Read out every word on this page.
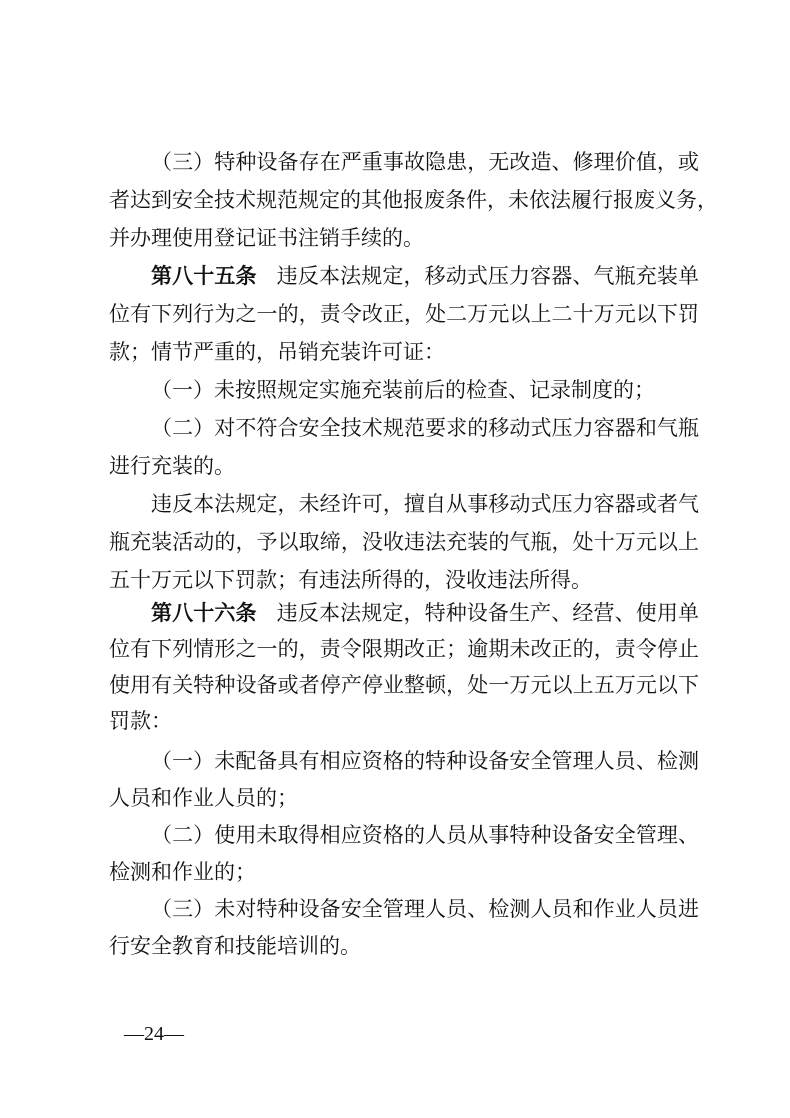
（三）特种设备存在严重事故隐患，无改造、修理价值，或
者达到安全技术规范规定的其他报废条件，未依法履行报废义务，
并办理使用登记证书注销手续的。
第八十五条 违反本法规定，移动式压力容器、气瓶充装单
位有下列行为之一的，责令改正，处二万元以上二十万元以下罚
款；情节严重的，吊销充装许可证：
（一）未按照规定实施充装前后的检查、记录制度的；
（二）对不符合安全技术规范要求的移动式压力容器和气瓶
进行充装的。
违反本法规定，未经许可，擅自从事移动式压力容器或者气
瓶充装活动的，予以取缔，没收违法充装的气瓶，处十万元以上
五十万元以下罚款；有违法所得的，没收违法所得。
第八十六条 违反本法规定，特种设备生产、经营、使用单
位有下列情形之一的，责令限期改正；逾期未改正的，责令停止
使用有关特种设备或者停产停业整顿，处一万元以上五万元以下
罚款：
（一）未配备具有相应资格的特种设备安全管理人员、检测
人员和作业人员的；
（二）使用未取得相应资格的人员从事特种设备安全管理、
检测和作业的；
（三）未对特种设备安全管理人员、检测人员和作业人员进
行安全教育和技能培训的。
—24—
